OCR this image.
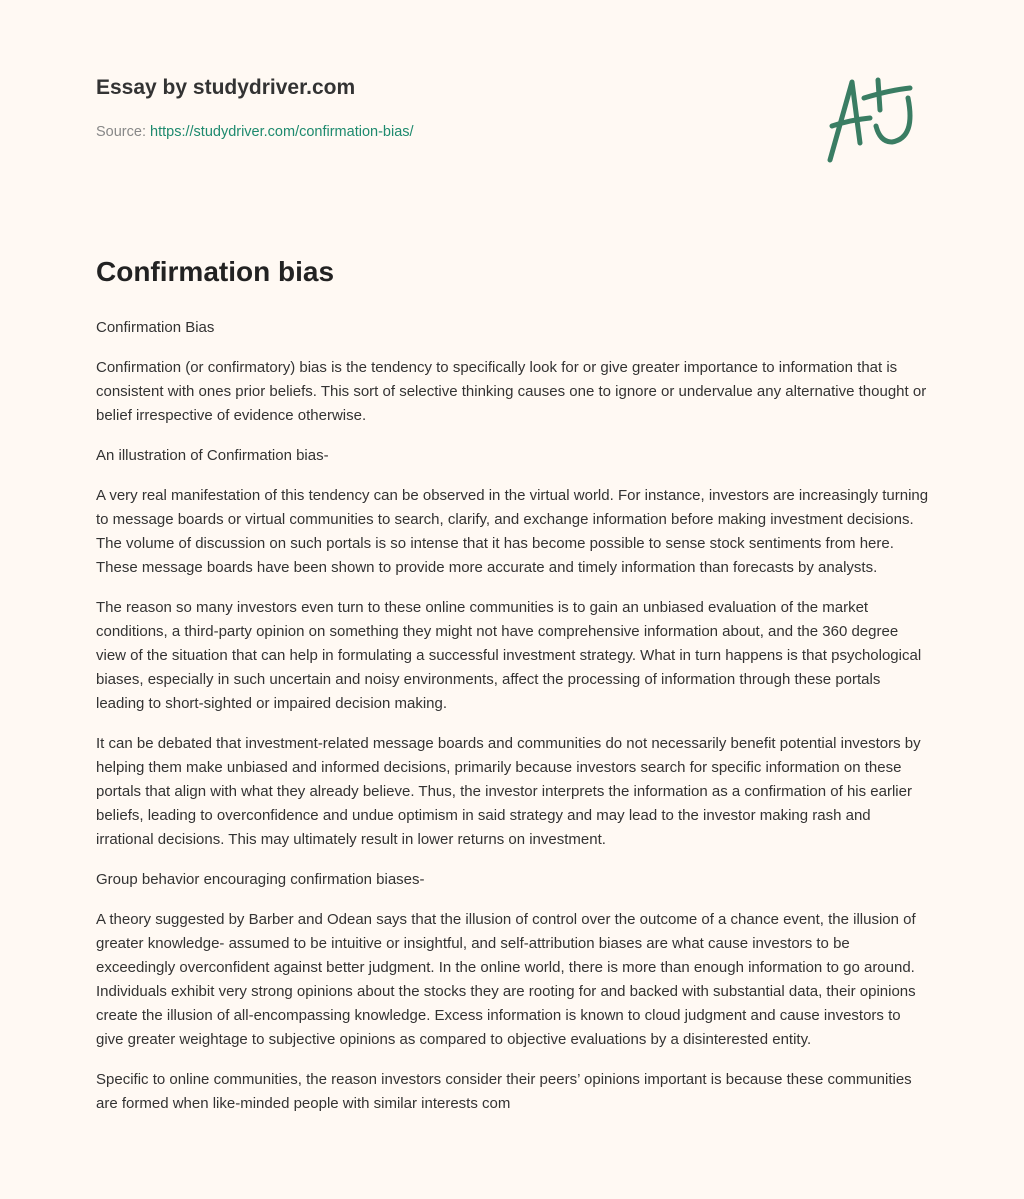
Essay by studydriver.com
Source: https://studydriver.com/confirmation-bias/
Confirmation bias

Confirmation Bias

Confirmation (or confirmatory) bias is the tendency to specifically look for or give greater importance to information that is consistent with ones prior beliefs. This sort of selective thinking causes one to ignore or undervalue any alternative thought or belief irrespective of evidence otherwise.

An illustration of Confirmation bias-

A very real manifestation of this tendency can be observed in the virtual world. For instance, investors are increasingly turning to message boards or virtual communities to search, clarify, and exchange information before making investment decisions. The volume of discussion on such portals is so intense that it has become possible to sense stock sentiments from here. These message boards have been shown to provide more accurate and timely information than forecasts by analysts.

The reason so many investors even turn to these online communities is to gain an unbiased evaluation of the market conditions, a third-party opinion on something they might not have comprehensive information about, and the 360 degree view of the situation that can help in formulating a successful investment strategy. What in turn happens is that psychological biases, especially in such uncertain and noisy environments, affect the processing of information through these portals leading to short-sighted or impaired decision making.

It can be debated that investment-related message boards and communities do not necessarily benefit potential investors by helping them make unbiased and informed decisions, primarily because investors search for specific information on these portals that align with what they already believe. Thus, the investor interprets the information as a confirmation of his earlier beliefs, leading to overconfidence and undue optimism in said strategy and may lead to the investor making rash and irrational decisions. This may ultimately result in lower returns on investment.

Group behavior encouraging confirmation biases-

A theory suggested by Barber and Odean says that the illusion of control over the outcome of a chance event, the illusion of greater knowledge- assumed to be intuitive or insightful, and self-attribution biases are what cause investors to be exceedingly overconfident against better judgment. In the online world, there is more than enough information to go around. Individuals exhibit very strong opinions about the stocks they are rooting for and backed with substantial data, their opinions create the illusion of all-encompassing knowledge. Excess information is known to cloud judgment and cause investors to give greater weightage to subjective opinions as compared to objective evaluations by a disinterested entity.

Specific to online communities, the reason investors consider their peers’ opinions important is because these communities are formed when like-minded people with similar interests com
